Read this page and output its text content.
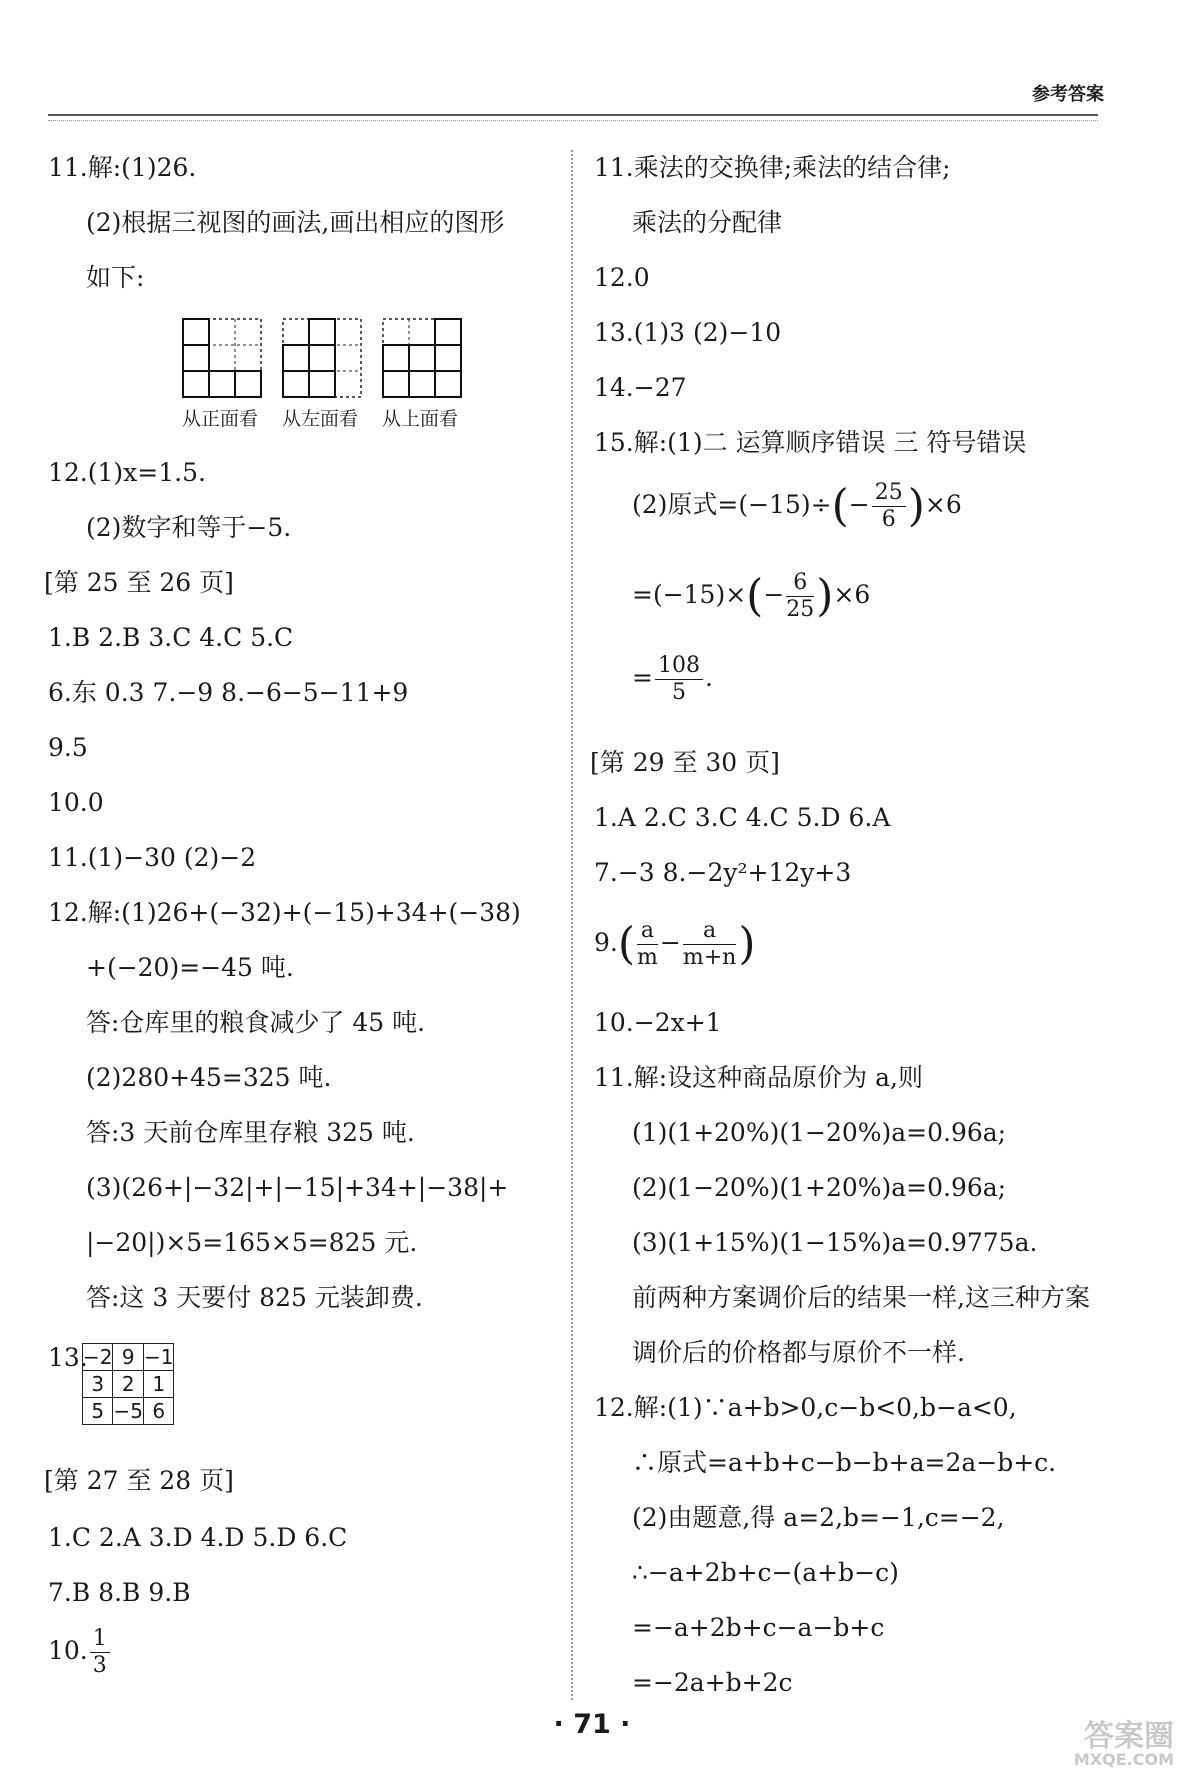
参考答案
11.解:(1)26.
(2)根据三视图的画法,画出相应的图形
如下:
从正面看 从左面看 从上面看
12.(1)x=1.5.
(2)数字和等于−5.
[第 25 至 26 页]
1.B 2.B 3.C 4.C 5.C
6.东 0.3 7.−9 8.−6−5−11+9
9.5
10.0
11.(1)−30 (2)−2
12.解:(1)26+(−32)+(−15)+34+(−38)
+(−20)=−45 吨.
答:仓库里的粮食减少了 45 吨.
(2)280+45=325 吨.
答:3 天前仓库里存粮 325 吨.
(3)(26+|−32|+|−15|+34+|−38|+
|−20|)×5=165×5=825 元.
答:这 3 天要付 825 元装卸费.
13.
−2	9	−1
3	2	1
5	−5	6
[第 27 至 28 页]
1.C 2.A 3.D 4.D 5.D 6.C
7.B 8.B 9.B
10. $\frac{1}{3}$
11.乘法的交换律;乘法的结合律;
乘法的分配律
12.0
13.(1)3 (2)−10
14.−27
15.解:(1)二 运算顺序错误 三 符号错误
(2)原式$=(-15)\div(- \frac{25}{6} )\times 6$
$=(-15)\times(- \frac{6}{25} )\times 6$
= $\frac{108}{5}$ .
[第 29 至 30 页]
1.A 2.C 3.C 4.C 5.D 6.A
7.−3 8.−2y²+12y+3
$9.( \frac{a}{m} - \frac{a}{m+n}$ )
10.−2x+1
11.解:设这种商品原价为 a,则
(1)(1+20%)(1−20%)a=0.96a;
(2)(1−20%)(1+20%)a=0.96a;
(3)(1+15%)(1−15%)a=0.9775a.
前两种方案调价后的结果一样,这三种方案
调价后的价格都与原价不一样.
12.解:(1)∵a+b>0,c−b<0,b−a<0,
∴原式=a+b+c−b−b+a=2a−b+c.
(2)由题意,得 a=2,b=−1,c=−2,
∴−a+2b+c−(a+b−c)
=−a+2b+c−a−b+c
=−2a+b+2c
· 71 ·	答案圈
MXQE.COM
